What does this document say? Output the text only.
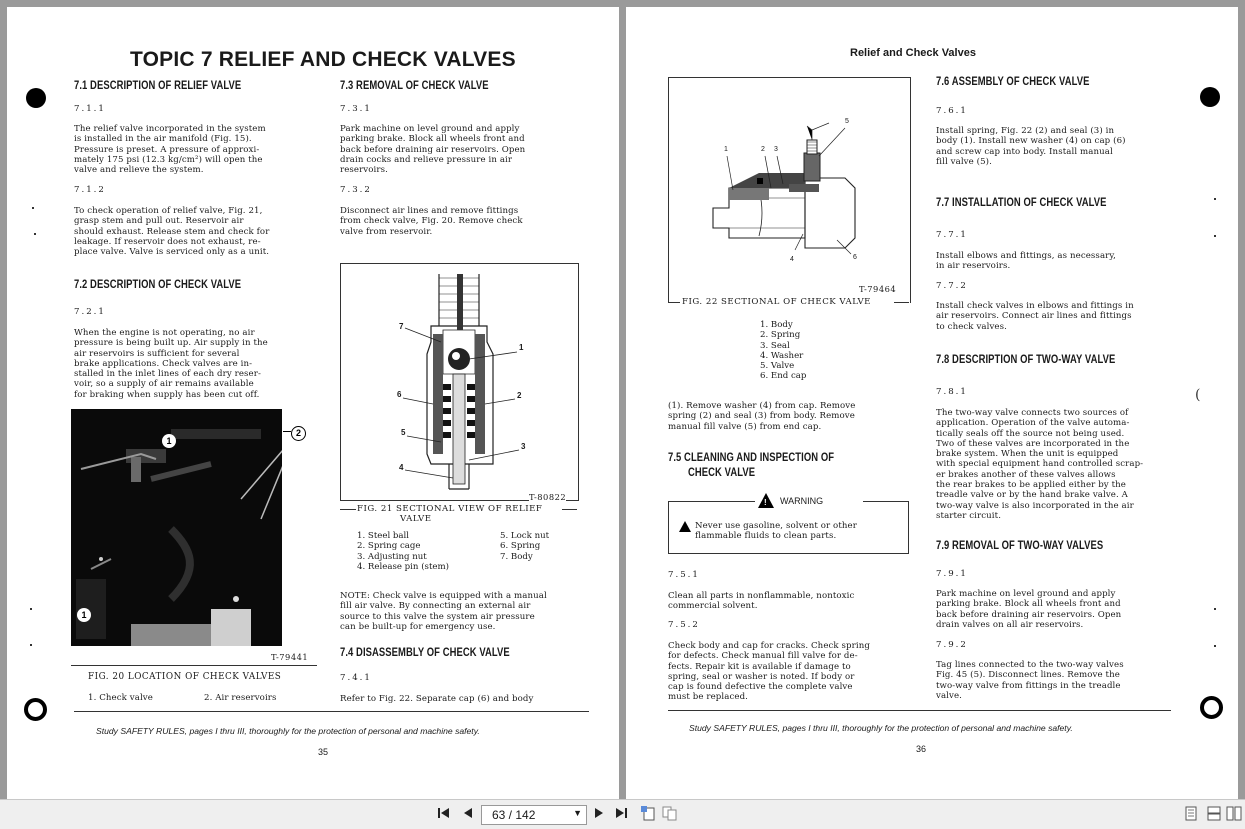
TOPIC 7 RELIEF AND CHECK VALVES
7.1 DESCRIPTION OF RELIEF VALVE
7.1.1
The relief valve incorporated in the system
is installed in the air manifold (Fig. 15).
Pressure is preset. A pressure of approxi-
mately 175 psi (12.3 kg/cm²) will open the
valve and relieve the system.
7.1.2
To check operation of relief valve, Fig. 21,
grasp stem and pull out. Reservoir air
should exhaust. Release stem and check for
leakage. If reservoir does not exhaust, re-
place valve. Valve is serviced only as a unit.
7.2 DESCRIPTION OF CHECK VALVE
7.2.1
When the engine is not operating, no air
pressure is being built up. Air supply in the
air reservoirs is sufficient for several
brake applications. Check valves are in-
stalled in the inlet lines of each dry reser-
voir, so a supply of air remains available
for braking when supply has been cut off.
1
1
2
T-79441
FIG. 20 LOCATION OF CHECK VALVES
1. Check valve	2. Air reservoirs
7.3 REMOVAL OF CHECK VALVE
7.3.1
Park machine on level ground and apply
parking brake. Block all wheels front and
back before draining air reservoirs. Open
drain cocks and relieve pressure in air
reservoirs.
7.3.2
Disconnect air lines and remove fittings
from check valve, Fig. 20. Remove check
valve from reservoir.
1
2
3
4
5
6
7
T-80822
FIG. 21 SECTIONAL VIEW OF RELIEF
VALVE
1. Steel ball
2. Spring cage
3. Adjusting nut
4. Release pin (stem)
5. Lock nut
6. Spring
7. Body
NOTE: Check valve is equipped with a manual
fill air valve. By connecting an external air
source to this valve the system air pressure
can be built-up for emergency use.
7.4 DISASSEMBLY OF CHECK VALVE
7.4.1
Refer to Fig. 22. Separate cap (6) and body
Study SAFETY RULES, pages I thru III, thoroughly for the protection of personal and machine safety.
35
(
Relief and Check Valves
1	2 3
4
5
6
T-79464
FIG. 22 SECTIONAL OF CHECK VALVE
1. Body
2. Spring
3. Seal
4. Washer
5. Valve
6. End cap
(1). Remove washer (4) from cap. Remove
spring (2) and seal (3) from body. Remove
manual fill valve (5) from end cap.
7.5 CLEANING AND INSPECTION OF
CHECK VALVE
Never use gasoline, solvent or other
flammable fluids to clean parts.
! WARNING
7.5.1
Clean all parts in nonflammable, nontoxic
commercial solvent.
7.5.2
Check body and cap for cracks. Check spring
for defects. Check manual fill valve for de-
fects. Repair kit is available if damage to
spring, seal or washer is noted. If body or
cap is found defective the complete valve
must be replaced.
7.6 ASSEMBLY OF CHECK VALVE
7.6.1
Install spring, Fig. 22 (2) and seal (3) in
body (1). Install new washer (4) on cap (6)
and screw cap into body. Install manual
fill valve (5).
7.7 INSTALLATION OF CHECK VALVE
7.7.1
Install elbows and fittings, as necessary,
in air reservoirs.
7.7.2
Install check valves in elbows and fittings in
air reservoirs. Connect air lines and fittings
to check valves.
7.8 DESCRIPTION OF TWO-WAY VALVE
7.8.1
The two-way valve connects two sources of
application. Operation of the valve automa-
tically seals off the source not being used.
Two of these valves are incorporated in the
brake system. When the unit is equipped
with special equipment hand controlled scrap-
er brakes another of these valves allows
the rear brakes to be applied either by the
treadle valve or by the hand brake valve. A
two-way valve is also incorporated in the air
starter circuit.
7.9 REMOVAL OF TWO-WAY VALVES
7.9.1
Park machine on level ground and apply
parking brake. Block all wheels front and
back before draining air reservoirs. Open
drain valves on all air reservoirs.
7.9.2
Tag lines connected to the two-way valves
Fig. 45 (5). Disconnect lines. Remove the
two-way valve from fittings in the treadle
valve.
Study SAFETY RULES, pages I thru III, thoroughly for the protection of personal and machine safety.
36
63 / 142	▼
